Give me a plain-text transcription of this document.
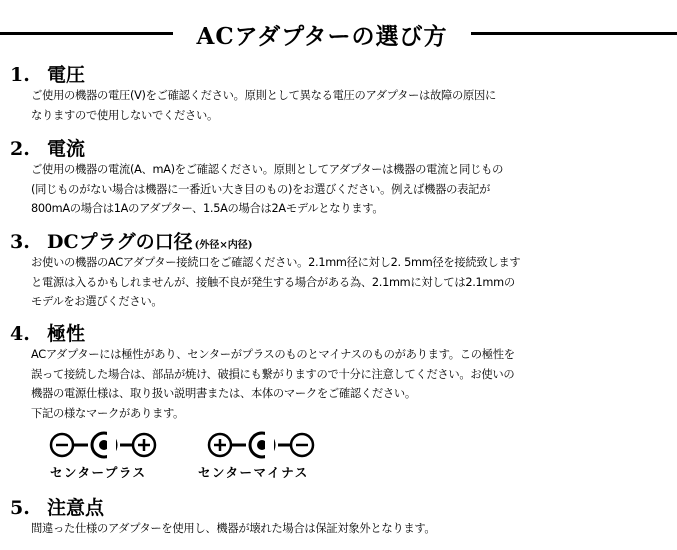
ACアダプターの選び方
1. 電圧

ご使用の機器の電圧(V)をご確認ください。原則として異なる電圧のアダプターは故障の原因に

なりますので使用しないでください。

2. 電流

ご使用の機器の電流(A、mA)をご確認ください。原則としてアダプターは機器の電流と同じもの

(同じものがない場合は機器に一番近い大き目のもの)をお選びください。例えば機器の表記が

800mAの場合は1Aのアダプター、1.5Aの場合は2Aモデルとなります。

3. DCプラグの口径 (外径×内径)

お使いの機器のACアダプター接続口をご確認ください。2.1mm径に対し2. 5mm径を接続致します

と電源は入るかもしれませんが、接触不良が発生する場合がある為、2.1mmに対しては2.1mmの

モデルをお選びください。

4. 極性

ACアダプターには極性があり、センターがプラスのものとマイナスのものがあります。この極性を

誤って接続した場合は、部品が焼け、破損にも繋がりますので十分に注意してください。お使いの

機器の電源仕様は、取り扱い説明書または、本体のマークをご確認ください。

下記の様なマークがあります。

センタープラス	センターマイナス
5. 注意点

間違った仕様のアダプターを使用し、機器が壊れた場合は保証対象外となります。
